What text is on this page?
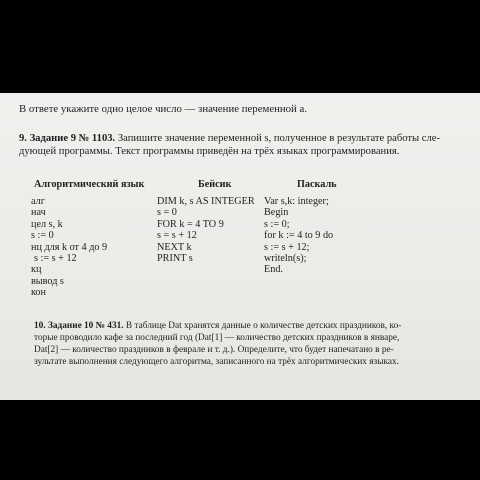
В ответе укажите одно целое число — значение переменной a.
9. Задание 9 № 1103. Запишите значение переменной s, полученное в результате работы сле-
дующей программы. Текст программы приведён на трёх языках программирования.
Алгоритмический язык	Бейсик	Паскаль
алг
нач
цел s, k
s := 0
нц для k от 4 до 9
s := s + 12
кц
вывод s
кон
DIM k, s AS INTEGER
s = 0
FOR k = 4 TO 9
s = s + 12
NEXT k
PRINT s
Var s,k: integer;
Begin
s := 0;
for k := 4 to 9 do
s := s + 12;
writeln(s);
End.
10. Задание 10 № 431. В таблице Dat хранятся данные о количестве детских праздников, ко-
торые проводило кафе за последний год (Dat[1] — количество детских праздников в январе,
Dat[2] — количество праздников в феврале и т. д.). Определите, что будет напечатано в ре-
зультате выполнения следующего алгоритма, записанного на трёх алгоритмических языках.
